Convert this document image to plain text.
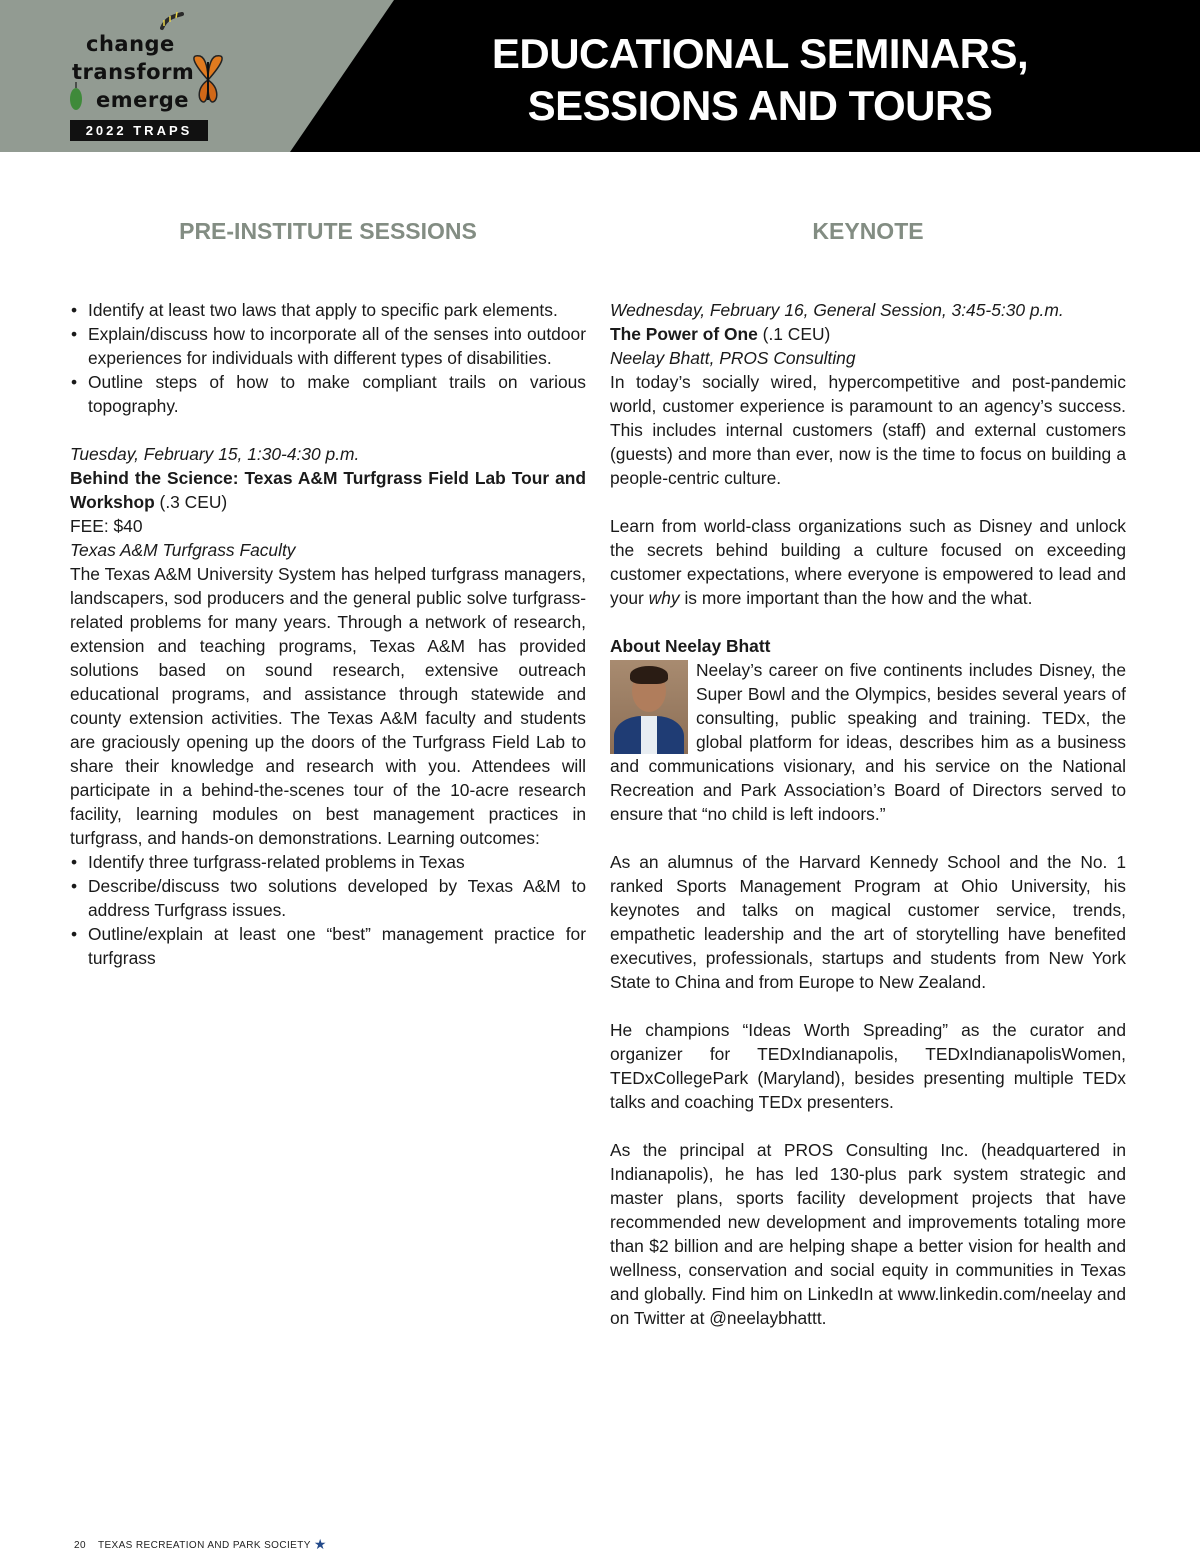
change
transform
emerge
2022 TRAPS
EDUCATIONAL SEMINARS,
SESSIONS AND TOURS
PRE-INSTITUTE SESSIONS	KEYNOTE
• Identify at least two laws that apply to specific park elements.
• Explain/discuss how to incorporate all of the senses into outdoor experiences for individuals with different types of disabilities.
• Outline steps of how to make compliant trails on various topography.

Tuesday, February 15, 1:30-4:30 p.m.

Behind the Science: Texas A&M Turfgrass Field Lab Tour and Workshop (.3 CEU)

FEE: $40

Texas A&M Turfgrass Faculty

The Texas A&M University System has helped turfgrass managers, landscapers, sod producers and the general public solve turfgrass-related problems for many years. Through a network of research, extension and teaching programs, Texas A&M has provided solutions based on sound research, extensive outreach educational programs, and assistance through statewide and county extension activities. The Texas A&M faculty and students are graciously opening up the doors of the Turfgrass Field Lab to share their knowledge and research with you. Attendees will participate in a behind-the-scenes tour of the 10-acre research facility, learning modules on best management practices in turfgrass, and hands-on demonstrations. Learning outcomes:

• Identify three turfgrass-related problems in Texas
• Describe/discuss two solutions developed by Texas A&M to address Turfgrass issues.
• Outline/explain at least one “best” management practice for turfgrass

Wednesday, February 16, General Session, 3:45-5:30 p.m.

The Power of One (.1 CEU)

Neelay Bhatt, PROS Consulting

In today’s socially wired, hypercompetitive and post-pandemic world, customer experience is paramount to an agency’s success. This includes internal customers (staff) and external customers (guests) and more than ever, now is the time to focus on building a people-centric culture.

Learn from world-class organizations such as Disney and unlock the secrets behind building a culture focused on exceeding customer expectations, where everyone is empowered to lead and your why is more important than the how and the what.

About Neelay Bhatt

Neelay’s career on five continents includes Disney, the Super Bowl and the Olympics, besides several years of consulting, public speaking and training. TEDx, the global platform for ideas, describes him as a business and communications visionary, and his service on the National Recreation and Park Association’s Board of Directors served to ensure that “no child is left indoors.”

As an alumnus of the Harvard Kennedy School and the No. 1 ranked Sports Management Program at Ohio University, his keynotes and talks on magical customer service, trends, empathetic leadership and the art of storytelling have benefited executives, professionals, startups and students from New York State to China and from Europe to New Zealand.

He champions “Ideas Worth Spreading” as the curator and organizer for TEDxIndianapolis, TEDxIndianapolisWomen, TEDxCollegePark (Maryland), besides presenting multiple TEDx talks and coaching TEDx presenters.

As the principal at PROS Consulting Inc. (headquartered in Indianapolis), he has led 130-plus park system strategic and master plans, sports facility development projects that have recommended new development and improvements totaling more than $2 billion and are helping shape a better vision for health and wellness, conservation and social equity in communities in Texas and globally. Find him on LinkedIn at www.linkedin.com/neelay and on Twitter at @neelaybhattt.

20 TEXAS RECREATION AND PARK SOCIETY ★
